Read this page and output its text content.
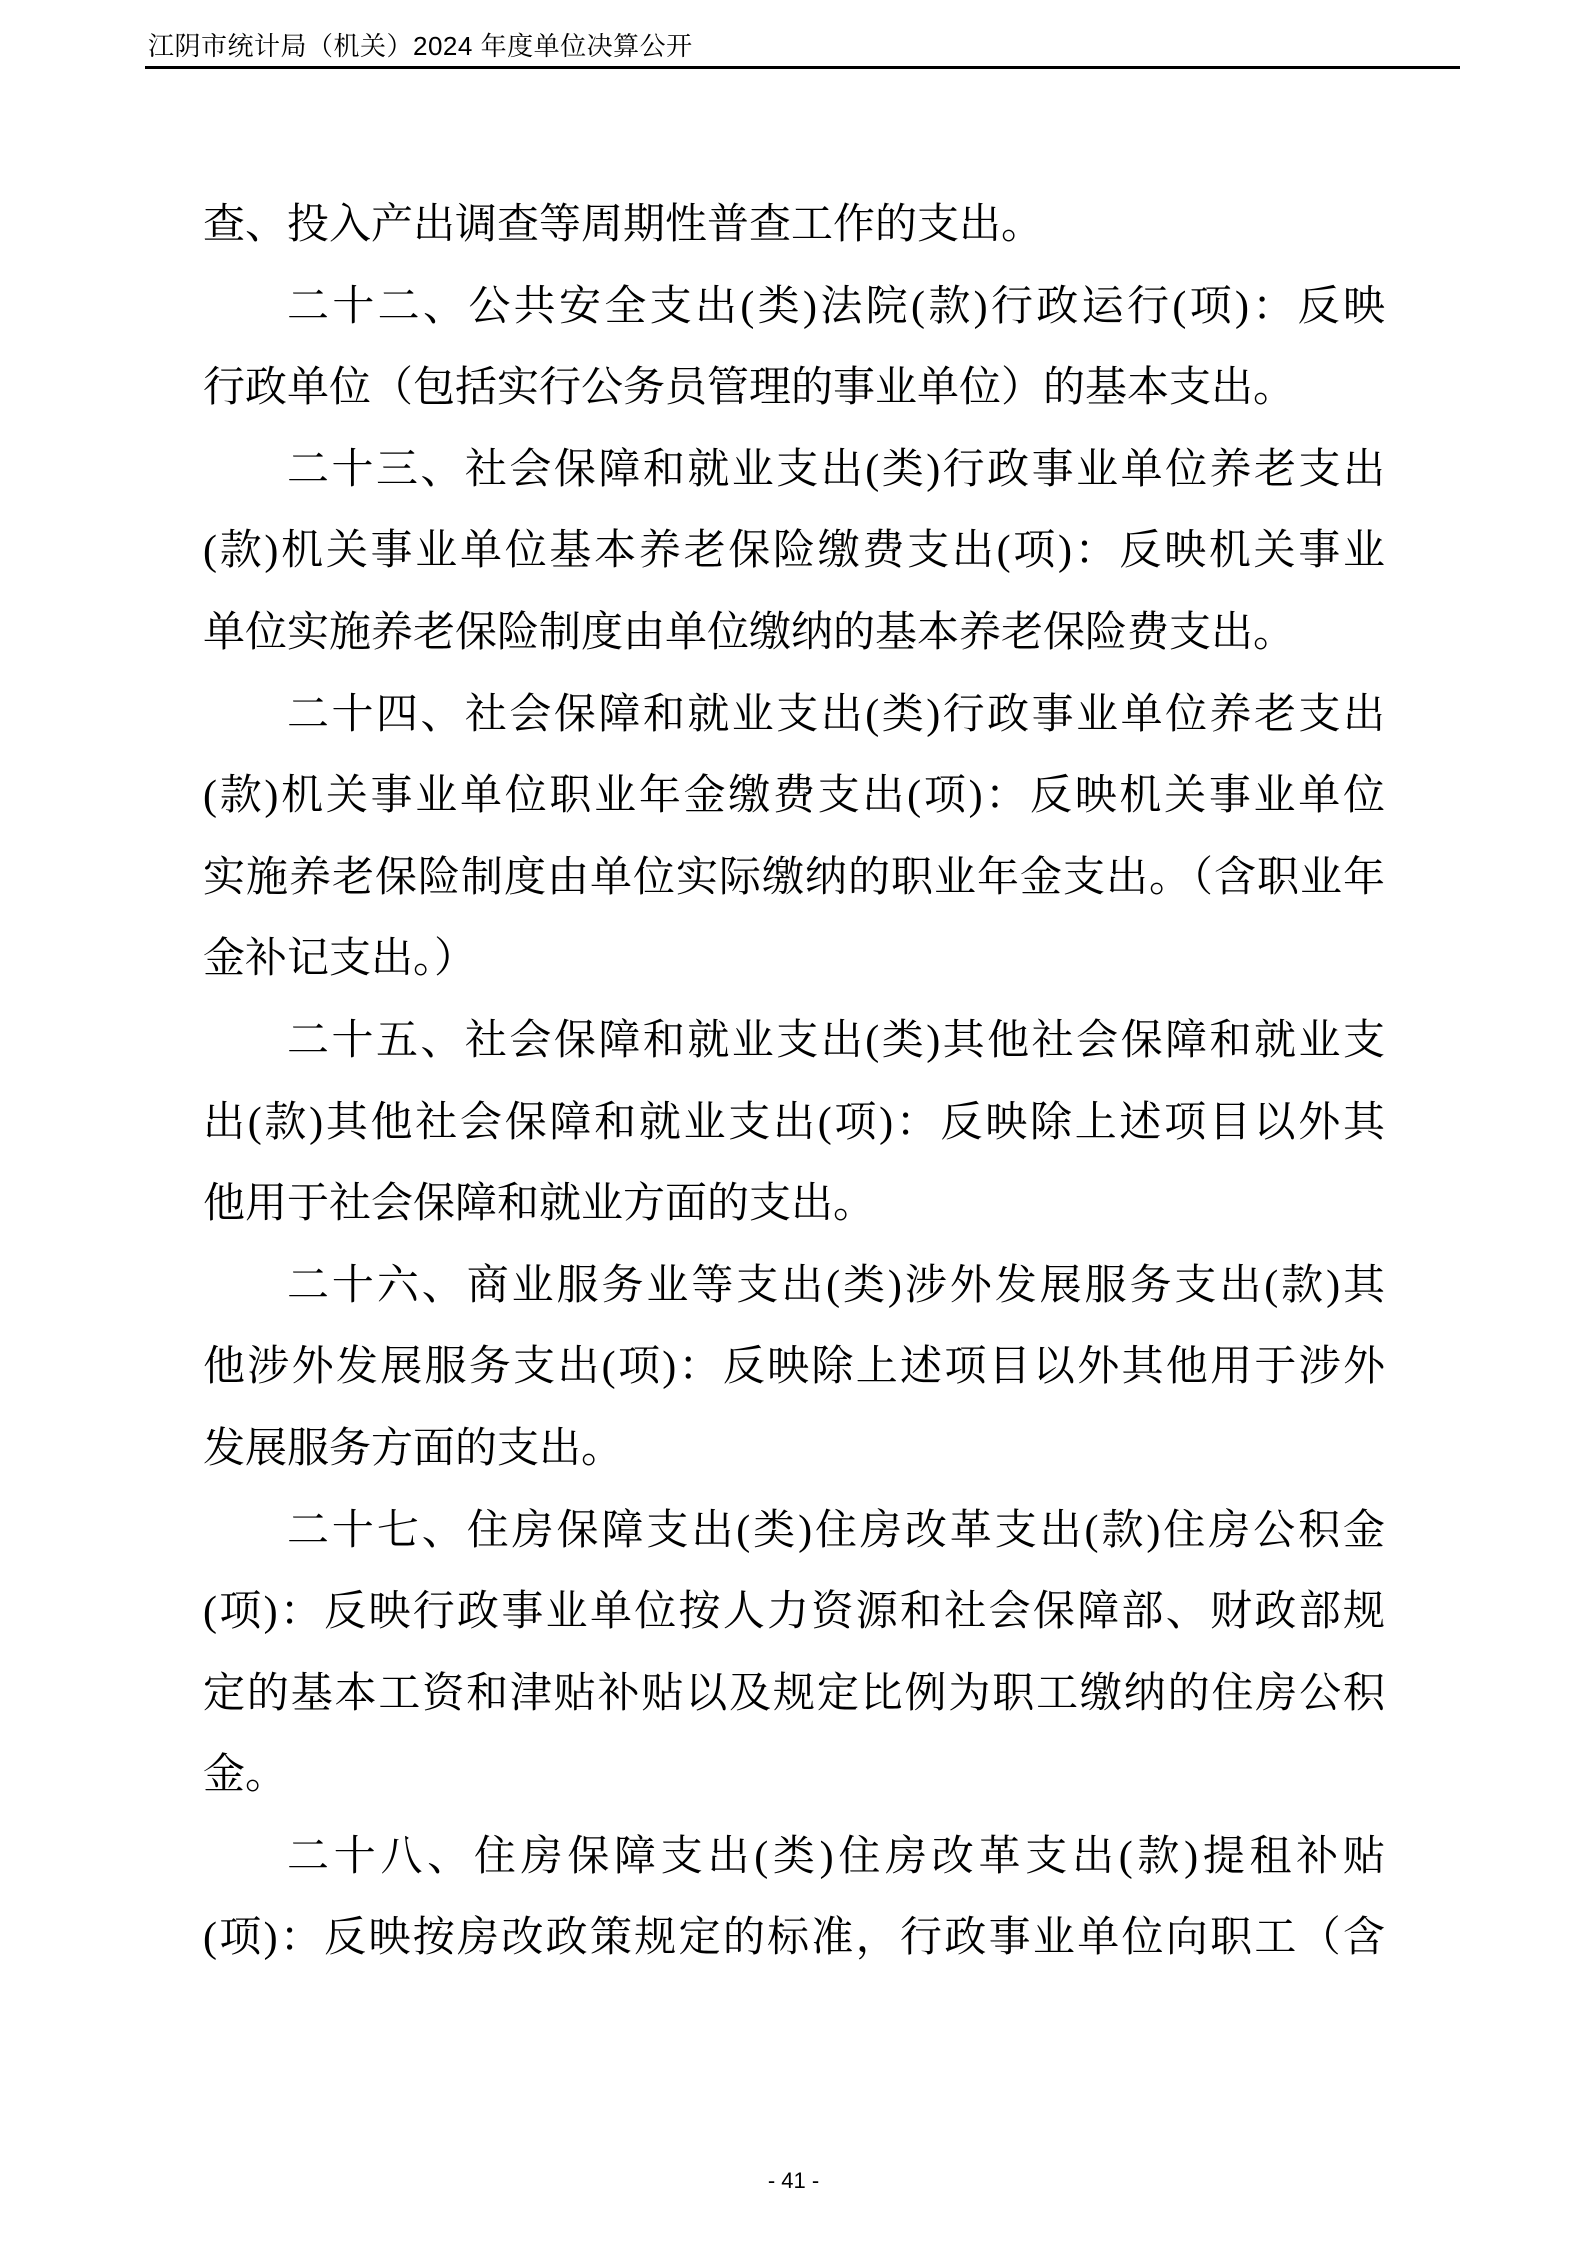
江阴市统计局（机关）2024 年度单位决算公开
查、投入产出调查等周期性普查工作的支出。
二十二、公共安全支出(类)法院(款)行政运行(项)：反映
行政单位（包括实行公务员管理的事业单位）的基本支出。
二十三、社会保障和就业支出(类)行政事业单位养老支出
(款)机关事业单位基本养老保险缴费支出(项)：反映机关事业
单位实施养老保险制度由单位缴纳的基本养老保险费支出。
二十四、社会保障和就业支出(类)行政事业单位养老支出
(款)机关事业单位职业年金缴费支出(项)：反映机关事业单位
实施养老保险制度由单位实际缴纳的职业年金支出。（含职业年
金补记支出。）
二十五、社会保障和就业支出(类)其他社会保障和就业支
出(款)其他社会保障和就业支出(项)：反映除上述项目以外其
他用于社会保障和就业方面的支出。
二十六、商业服务业等支出(类)涉外发展服务支出(款)其
他涉外发展服务支出(项)：反映除上述项目以外其他用于涉外
发展服务方面的支出。
二十七、住房保障支出(类)住房改革支出(款)住房公积金
(项)：反映行政事业单位按人力资源和社会保障部、财政部规
定的基本工资和津贴补贴以及规定比例为职工缴纳的住房公积
金。
二十八、住房保障支出(类)住房改革支出(款)提租补贴
(项)：反映按房改政策规定的标准，行政事业单位向职工（含
- 41 -
